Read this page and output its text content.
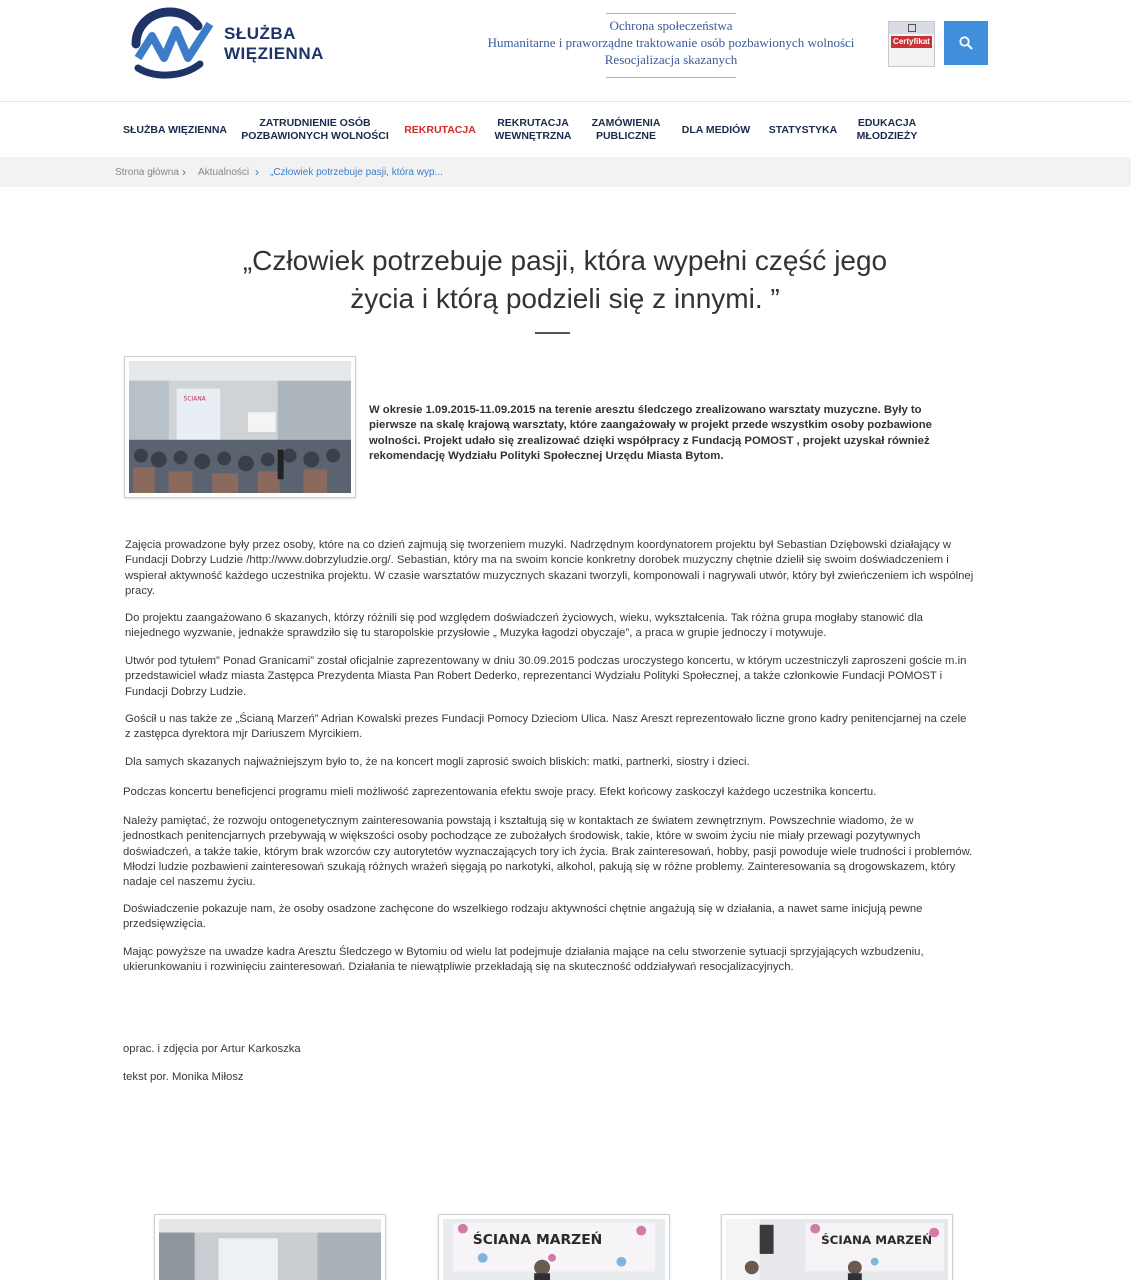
SŁUŻBA
WIĘZIENNA
Ochrona społeczeństwa
Humanitarne i praworządne traktowanie osób pozbawionych wolności
Resocjalizacja skazanych
Certyfikat
SŁUŻBA WIĘZIENNA
ZATRUDNIENIE OSÓB
POZBAWIONYCH WOLNOŚCI
REKRUTACJA
REKRUTACJA
WEWNĘTRZNA
ZAMÓWIENIA
PUBLICZNE
DLA MEDIÓW STATYSTYKA
EDUKACJA
MŁODZIEŻY
Strona główna › Aktualności › „Człowiek potrzebuje pasji, która wyp...
„Człowiek potrzebuje pasji, która wypełni część jego
życia i którą podzieli się z innymi. ”
ŚCIANA
W okresie 1.09.2015-11.09.2015 na terenie aresztu śledczego zrealizowano warsztaty muzyczne. Były to pierwsze na skalę krajową warsztaty, które zaangażowały w projekt przede wszystkim osoby pozbawione wolności. Projekt udało się zrealizować dzięki współpracy z Fundacją POMOST , projekt uzyskał również rekomendację Wydziału Polityki Społecznej Urzędu Miasta Bytom.

Zajęcia prowadzone były przez osoby, które na co dzień zajmują się tworzeniem muzyki. Nadrzędnym koordynatorem projektu był Sebastian Dziębowski działający w Fundacji Dobrzy Ludzie /http://www.dobrzyludzie.org/. Sebastian, który ma na swoim koncie konkretny dorobek muzyczny chętnie dzielił się swoim doświadczeniem i wspierał aktywność każdego uczestnika projektu. W czasie warsztatów muzycznych skazani tworzyli, komponowali i nagrywali utwór, który był zwieńczeniem ich wspólnej pracy.

Do projektu zaangażowano 6 skazanych, którzy różnili się pod względem doświadczeń życiowych, wieku, wykształcenia. Tak różna grupa mogłaby stanowić dla niejednego wyzwanie, jednakże sprawdziło się tu staropolskie przysłowie „ Muzyka łagodzi obyczaje”, a praca w grupie jednoczy i motywuje.

Utwór pod tytułem” Ponad Granicami” został oficjalnie zaprezentowany w dniu 30.09.2015 podczas uroczystego koncertu, w którym uczestniczyli zaproszeni goście m.in przedstawiciel władz miasta Zastępca Prezydenta Miasta Pan Robert Dederko, reprezentanci Wydziału Polityki Społecznej, a także członkowie Fundacji POMOST i Fundacji Dobrzy Ludzie.

Gościł u nas także ze „Ścianą Marzeń” Adrian Kowalski prezes Fundacji Pomocy Dzieciom Ulica. Nasz Areszt reprezentowało liczne grono kadry penitencjarnej na czele z zastępca dyrektora mjr Dariuszem Myrcikiem.

Dla samych skazanych najważniejszym było to, że na koncert mogli zaprosić swoich bliskich: matki, partnerki, siostry i dzieci.

Podczas koncertu beneficjenci programu mieli możliwość zaprezentowania efektu swoje pracy. Efekt końcowy zaskoczył każdego uczestnika koncertu.

Należy pamiętać, że rozwoju ontogenetycznym zainteresowania powstają i kształtują się w kontaktach ze światem zewnętrznym. Powszechnie wiadomo, że w jednostkach penitencjarnych przebywają w większości osoby pochodzące ze zubożałych środowisk, takie, które w swoim życiu nie miały przewagi pozytywnych doświadczeń, a także takie, którym brak wzorców czy autorytetów wyznaczających tory ich życia. Brak zainteresowań, hobby, pasji powoduje wiele trudności i problemów. Młodzi ludzie pozbawieni zainteresowań szukają różnych wrażeń sięgają po narkotyki, alkohol, pakują się w różne problemy. Zainteresowania są drogowskazem, który nadaje cel naszemu życiu.

Doświadczenie pokazuje nam, że osoby osadzone zachęcone do wszelkiego rodzaju aktywności chętnie angażują się w działania, a nawet same inicjują pewne przedsięwzięcia.

Mając powyższe na uwadze kadra Aresztu Śledczego w Bytomiu od wielu lat podejmuje działania mające na celu stworzenie sytuacji sprzyjających wzbudzeniu, ukierunkowaniu i rozwinięciu zainteresowań. Działania te niewątpliwie przekładają się na skuteczność oddziaływań resocjalizacyjnych.

oprac. i zdjęcia por Artur Karkoszka
tekst por. Monika Miłosz
ŚCIANA MARZEŃ	ŚCIANA MARZEŃ
